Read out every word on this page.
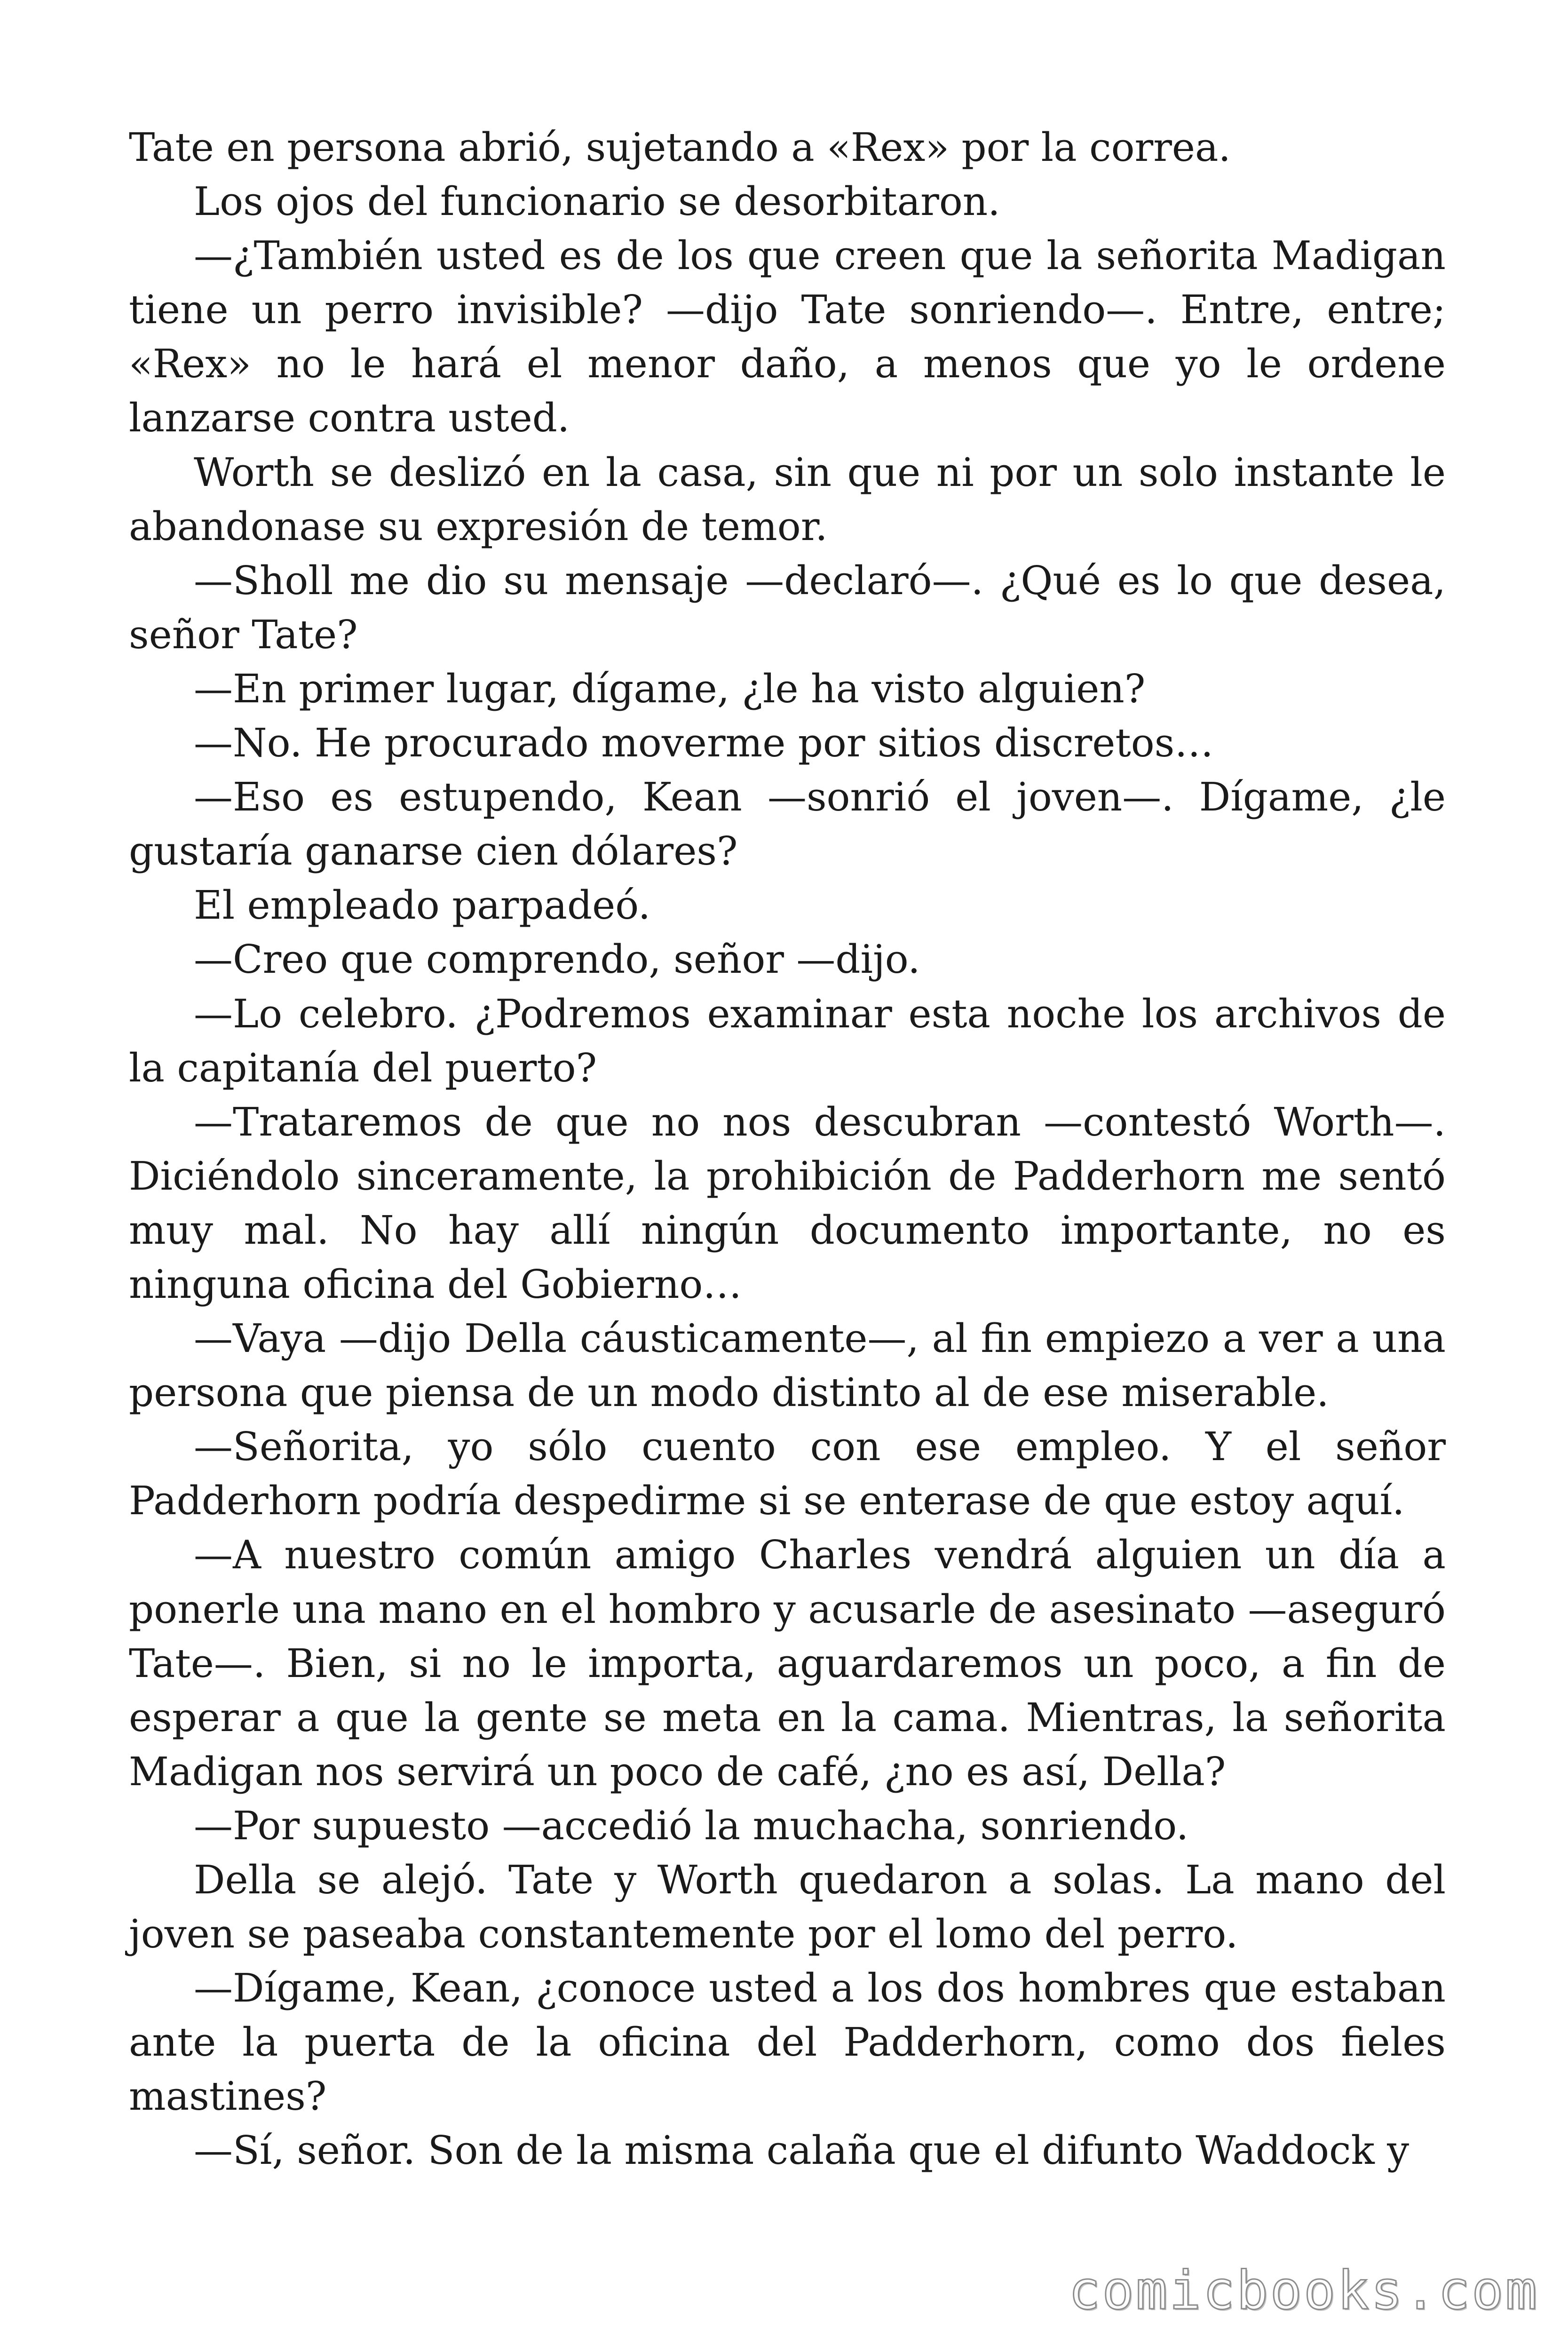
Tate en persona abrió, sujetando a «Rex» por la correa.

Los ojos del funcionario se desorbitaron.

—¿También usted es de los que creen que la señorita Madigan tiene un perro invisible? —dijo Tate sonriendo—. Entre, entre; «Rex» no le hará el menor daño, a menos que yo le ordene lanzarse contra usted.

Worth se deslizó en la casa, sin que ni por un solo instante le abandonase su expresión de temor.

—Sholl me dio su mensaje —declaró—. ¿Qué es lo que desea, señor Tate?

—En primer lugar, dígame, ¿le ha visto alguien?

—No. He procurado moverme por sitios discretos…

—Eso es estupendo, Kean —sonrió el joven—. Dígame, ¿le gustaría ganarse cien dólares?

El empleado parpadeó.

—Creo que comprendo, señor —dijo.

—Lo celebro. ¿Podremos examinar esta noche los archivos de la capitanía del puerto?

—Trataremos de que no nos descubran —contestó Worth—. Diciéndolo sinceramente, la prohibición de Padderhorn me sentó muy mal. No hay allí ningún documento importante, no es ninguna oficina del Gobierno…

—Vaya —dijo Della cáusticamente—, al fin empiezo a ver a una persona que piensa de un modo distinto al de ese miserable.

—Señorita, yo sólo cuento con ese empleo. Y el señor Padderhorn podría despedirme si se enterase de que estoy aquí.

—A nuestro común amigo Charles vendrá alguien un día a ponerle una mano en el hombro y acusarle de asesinato —aseguró Tate—. Bien, si no le importa, aguardaremos un poco, a fin de esperar a que la gente se meta en la cama. Mientras, la señorita Madigan nos servirá un poco de café, ¿no es así, Della?

—Por supuesto —accedió la muchacha, sonriendo.

Della se alejó. Tate y Worth quedaron a solas. La mano del joven se paseaba constantemente por el lomo del perro.

—Dígame, Kean, ¿conoce usted a los dos hombres que estaban ante la puerta de la oficina del Padderhorn, como dos fieles mastines?

—Sí, señor. Son de la misma calaña que el difunto Waddock y

comicbooks.com
